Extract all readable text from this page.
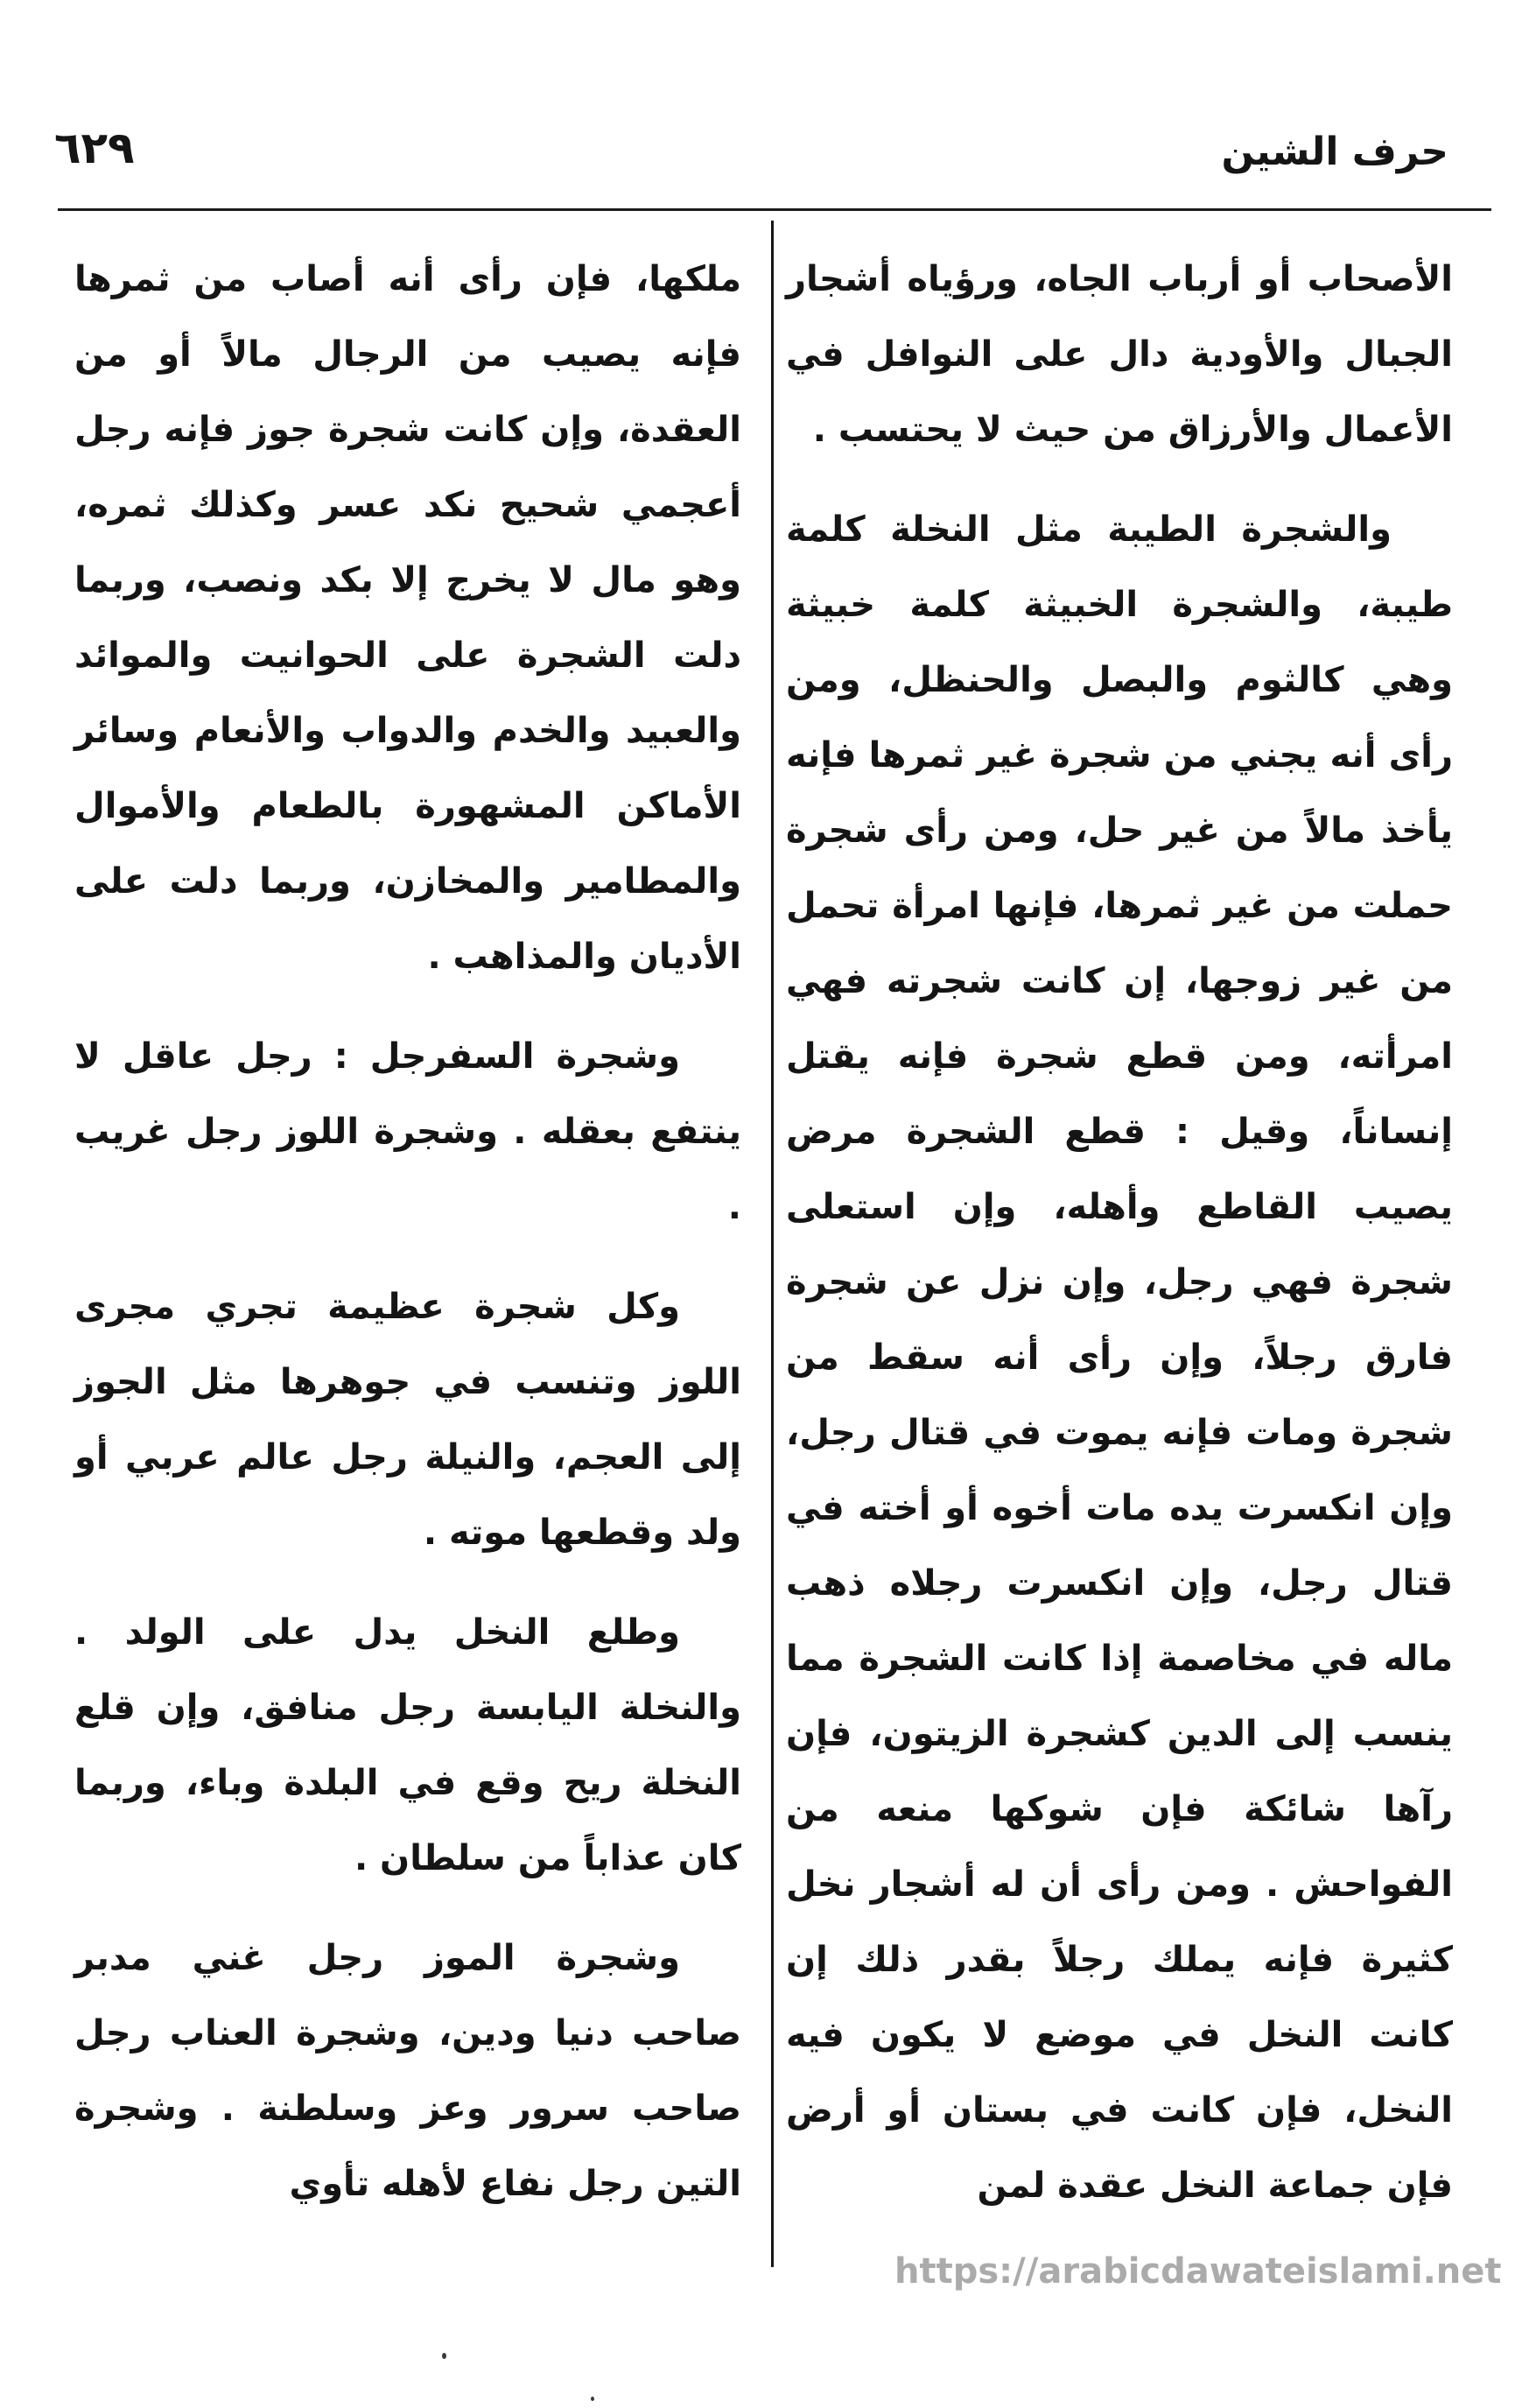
٦٢٩	حرف الشين

الأصحاب أو أرباب الجاه، ورؤياه أشجار الجبال والأودية دال على النوافل في الأعمال والأرزاق من حيث لا يحتسب .

والشجرة الطيبة مثل النخلة كلمة طيبة، والشجرة الخبيثة كلمة خبيثة وهي كالثوم والبصل والحنظل، ومن رأى أنه يجني من شجرة غير ثمرها فإنه يأخذ مالاً من غير حل، ومن رأى شجرة حملت من غير ثمرها، فإنها امرأة تحمل من غير زوجها، إن كانت شجرته فهي امرأته، ومن قطع شجرة فإنه يقتل إنساناً، وقيل : قطع الشجرة مرض يصيب القاطع وأهله، وإن استعلى شجرة فهي رجل، وإن نزل عن شجرة فارق رجلاً، وإن رأى أنه سقط من شجرة ومات فإنه يموت في قتال رجل، وإن انكسرت يده مات أخوه أو أخته في قتال رجل، وإن انكسرت رجلاه ذهب ماله في مخاصمة إذا كانت الشجرة مما ينسب إلى الدين كشجرة الزيتون، فإن رآها شائكة فإن شوكها منعه من الفواحش . ومن رأى أن له أشجار نخل كثيرة فإنه يملك رجلاً بقدر ذلك إن كانت النخل في موضع لا يكون فيه النخل، فإن كانت في بستان أو أرض فإن جماعة النخل عقدة لمن

ملكها، فإن رأى أنه أصاب من ثمرها فإنه يصيب من الرجال مالاً أو من العقدة، وإن كانت شجرة جوز فإنه رجل أعجمي شحيح نكد عسر وكذلك ثمره، وهو مال لا يخرج إلا بكد ونصب، وربما دلت الشجرة على الحوانيت والموائد والعبيد والخدم والدواب والأنعام وسائر الأماكن المشهورة بالطعام والأموال والمطامير والمخازن، وربما دلت على الأديان والمذاهب .

وشجرة السفرجل : رجل عاقل لا ينتفع بعقله . وشجرة اللوز رجل غريب .

وكل شجرة عظيمة تجري مجرى اللوز وتنسب في جوهرها مثل الجوز إلى العجم، والنيلة رجل عالم عربي أو ولد وقطعها موته .

وطلع النخل يدل على الولد . والنخلة اليابسة رجل منافق، وإن قلع النخلة ريح وقع في البلدة وباء، وربما كان عذاباً من سلطان .

وشجرة الموز رجل غني مدبر صاحب دنيا ودين، وشجرة العناب رجل صاحب سرور وعز وسلطنة . وشجرة التين رجل نفاع لأهله تأوي

https://arabicdawateislami.net
